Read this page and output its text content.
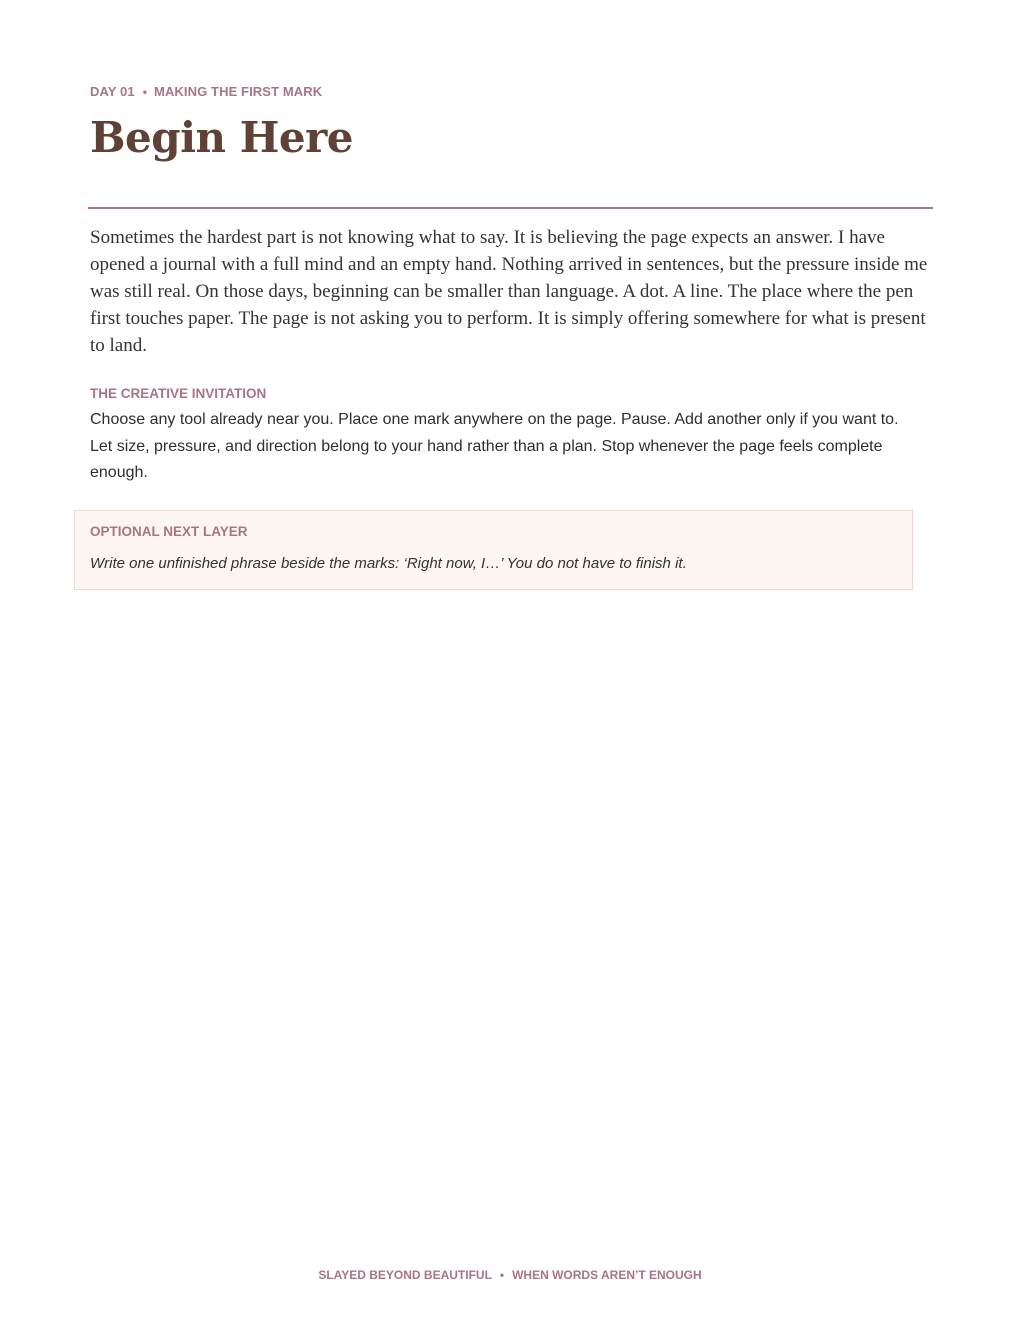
DAY 01 • MAKING THE FIRST MARK
Begin Here

Sometimes the hardest part is not knowing what to say. It is believing the page expects an answer. I have opened a journal with a full mind and an empty hand. Nothing arrived in sentences, but the pressure inside me was still real. On those days, beginning can be smaller than language. A dot. A line. The place where the pen first touches paper. The page is not asking you to perform. It is simply offering somewhere for what is present to land.

THE CREATIVE INVITATION

Choose any tool already near you. Place one mark anywhere on the page. Pause. Add another only if you want to. Let size, pressure, and direction belong to your hand rather than a plan. Stop whenever the page feels complete enough.

OPTIONAL NEXT LAYER
Write one unfinished phrase beside the marks: ‘Right now, I…’ You do not have to finish it.
SLAYED BEYOND BEAUTIFUL • WHEN WORDS AREN’T ENOUGH
